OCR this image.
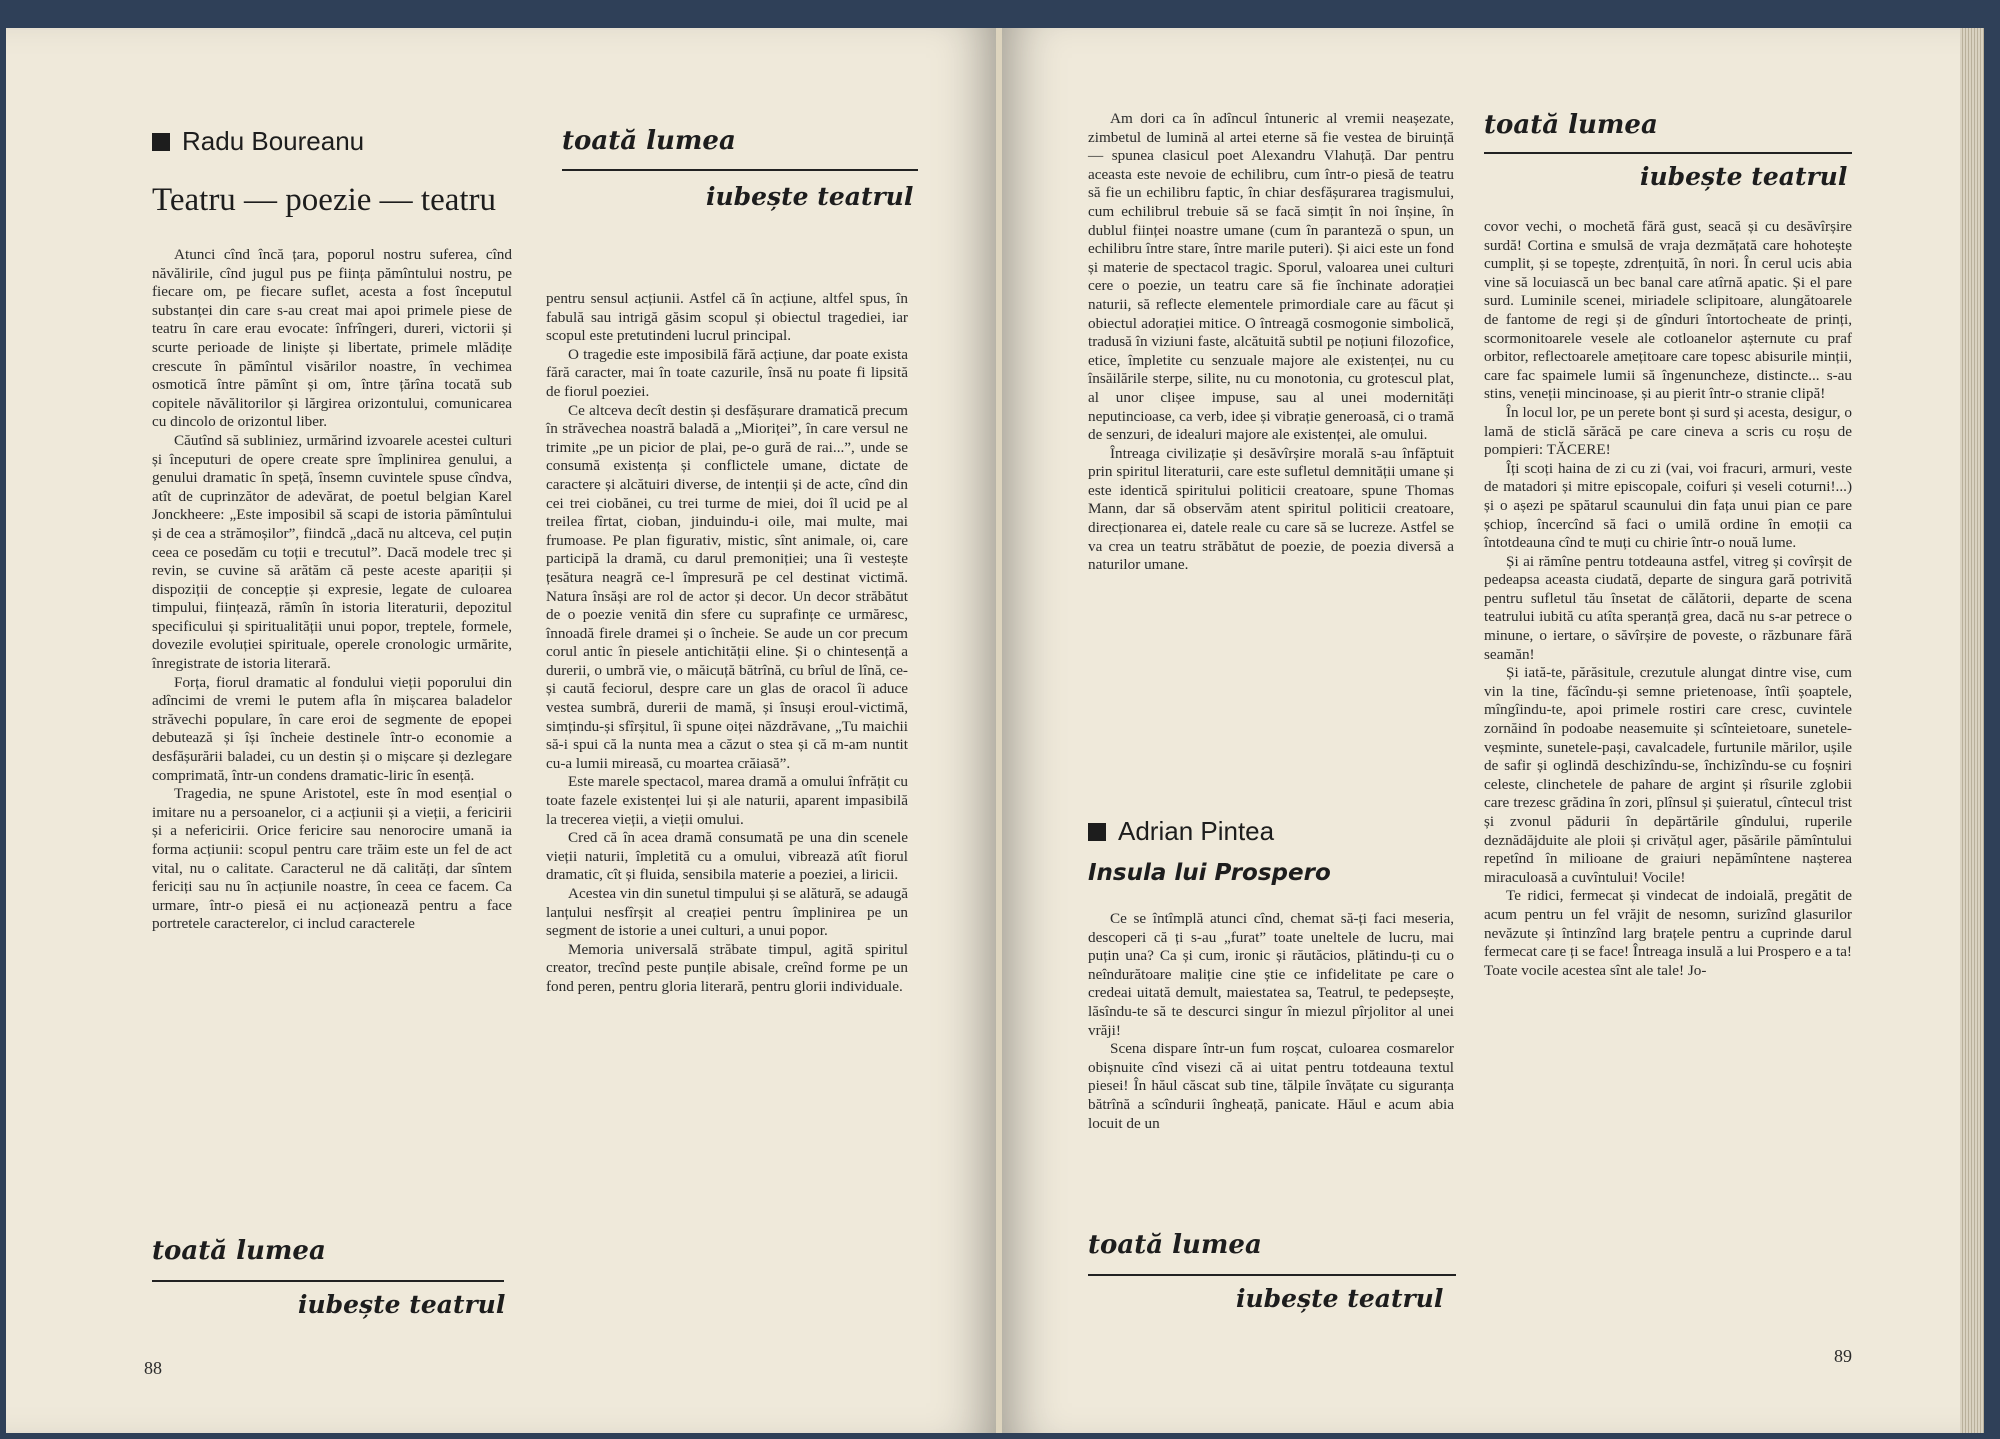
Radu Boureanu	toată lumea
Teatru — poezie — teatru	iubește teatrul

Atunci cînd încă țara, poporul nostru suferea, cînd năvălirile, cînd jugul pus pe ființa pămîntului nostru, pe fiecare om, pe fiecare suflet, acesta a fost începutul substanței din care s-au creat mai apoi primele piese de teatru în care erau evocate: înfrîngeri, dureri, victorii și scurte perioade de liniște și libertate, primele mlădițe crescute în pămîntul visărilor noastre, în vechimea osmotică între pămînt și om, între țărîna tocată sub copitele năvălitorilor și lărgirea orizontului, comunicarea cu dincolo de orizontul liber.

Căutînd să subliniez, urmărind izvoarele acestei culturi și începuturi de opere create spre împlinirea genului, a genului dramatic în speță, însemn cuvintele spuse cîndva, atît de cuprinzător de adevărat, de poetul belgian Karel Jonckheere: „Este imposibil să scapi de istoria pămîntului și de cea a strămoșilor”, fiindcă „dacă nu altceva, cel puțin ceea ce posedăm cu toții e trecutul”. Dacă modele trec și revin, se cuvine să arătăm că peste aceste apariții și dispoziții de concepție și expresie, legate de culoarea timpului, ființează, rămîn în istoria literaturii, depozitul specificului și spiritualității unui popor, treptele, formele, dovezile evoluției spirituale, operele cronologic urmărite, înregistrate de istoria literară.

Forța, fiorul dramatic al fondului vieții poporului din adîncimi de vremi le putem afla în mișcarea baladelor străvechi populare, în care eroi de segmente de epopei debutează și își încheie destinele într-o economie a desfășurării baladei, cu un destin și o mișcare și dezlegare comprimată, într-un condens dramatic-liric în esență.

Tragedia, ne spune Aristotel, este în mod esențial o imitare nu a persoanelor, ci a acțiunii și a vieții, a fericirii și a nefericirii. Orice fericire sau nenorocire umană ia forma acțiunii: scopul pentru care trăim este un fel de act vital, nu o calitate. Caracterul ne dă calități, dar sîntem fericiți sau nu în acțiunile noastre, în ceea ce facem. Ca urmare, într-o piesă ei nu acționează pentru a face portretele caracterelor, ci includ caracterele

pentru sensul acțiunii. Astfel că în acțiune, altfel spus, în fabulă sau intrigă găsim scopul și obiectul tragediei, iar scopul este pretutindeni lucrul principal.

O tragedie este imposibilă fără acțiune, dar poate exista fără caracter, mai în toate cazurile, însă nu poate fi lipsită de fiorul poeziei.

Ce altceva decît destin și desfășurare dramatică precum în străvechea noastră baladă a „Mioriței”, în care versul ne trimite „pe un picior de plai, pe-o gură de rai...”, unde se consumă existența și conflictele umane, dictate de caractere și alcătuiri diverse, de intenții și de acte, cînd din cei trei ciobănei, cu trei turme de miei, doi îl ucid pe al treilea fîrtat, cioban, jinduindu-i oile, mai multe, mai frumoase. Pe plan figurativ, mistic, sînt animale, oi, care participă la dramă, cu darul premoniției; una îi vestește țesătura neagră ce-l împresură pe cel destinat victimă. Natura însăși are rol de actor și decor. Un decor străbătut de o poezie venită din sfere cu suprafințe ce urmăresc, înnoadă firele dramei și o încheie. Se aude un cor precum corul antic în piesele antichității eline. Și o chintesență a durerii, o umbră vie, o măicuță bătrînă, cu brîul de lînă, ce-și caută feciorul, despre care un glas de oracol îi aduce vestea sumbră, durerii de mamă, și însuși eroul-victimă, simțindu-și sfîrșitul, îi spune oiței năzdrăvane, „Tu maichii să-i spui că la nunta mea a căzut o stea și că m-am nuntit cu-a lumii mireasă, cu moartea crăiasă”.

Este marele spectacol, marea dramă a omului înfrățit cu toate fazele existenței lui și ale naturii, aparent impasibilă la trecerea vieții, a vieții omului.

Cred că în acea dramă consumată pe una din scenele vieții naturii, împletită cu a omului, vibrează atît fiorul dramatic, cît și fluida, sensibila materie a poeziei, a liricii.

Acestea vin din sunetul timpului și se alătură, se adaugă lanțului nesfîrșit al creației pentru împlinirea pe un segment de istorie a unei culturi, a unui popor.

Memoria universală străbate timpul, agită spiritul creator, trecînd peste punțile abisale, creînd forme pe un fond peren, pentru gloria literară, pentru glorii individuale.

toată lumea
iubește teatrul
88

Am dori ca în adîncul întuneric al vremii neașezate, zimbetul de lumină al artei eterne să fie vestea de biruință — spunea clasicul poet Alexandru Vlahuță. Dar pentru aceasta este nevoie de echilibru, cum într-o piesă de teatru să fie un echilibru faptic, în chiar desfășurarea tragismului, cum echilibrul trebuie să se facă simțit în noi înșine, în dublul ființei noastre umane (cum în paranteză o spun, un echilibru între stare, între marile puteri). Și aici este un fond și materie de spectacol tragic. Sporul, valoarea unei culturi cere o poezie, un teatru care să fie închinate adorației naturii, să reflecte elementele primordiale care au făcut și obiectul adorației mitice. O întreagă cosmogonie simbolică, tradusă în viziuni faste, alcătuită subtil pe noțiuni filozofice, etice, împletite cu senzuale majore ale existenței, nu cu însăilările sterpe, silite, nu cu monotonia, cu grotescul plat, al unor clișee impuse, sau al unei modernități neputincioase, ca verb, idee și vibrație generoasă, ci o tramă de senzuri, de idealuri majore ale existenței, ale omului.

Întreaga civilizație și desăvîrșire morală s-au înfăptuit prin spiritul literaturii, care este sufletul demnității umane și este identică spiritului politicii creatoare, spune Thomas Mann, dar să observăm atent spiritul politicii creatoare, direcționarea ei, datele reale cu care să se lucreze. Astfel se va crea un teatru străbătut de poezie, de poezia diversă a naturilor umane.

toată lumea
iubește teatrul

covor vechi, o mochetă fără gust, seacă și cu desăvîrșire surdă! Cortina e smulsă de vraja dezmățată care hohotește cumplit, și se topește, zdrențuită, în nori. În cerul ucis abia vine să locuiască un bec banal care atîrnă apatic. Și el pare surd. Luminile scenei, miriadele sclipitoare, alungătoarele de fantome de regi și de gînduri întortocheate de prinți, scormonitoarele vesele ale cotloanelor așternute cu praf orbitor, reflectoarele amețitoare care topesc abisurile minții, care fac spaimele lumii să îngenuncheze, distincte... s-au stins, veneții mincinoase, și au pierit într-o stranie clipă!

În locul lor, pe un perete bont și surd și acesta, desigur, o lamă de sticlă sărăcă pe care cineva a scris cu roșu de pompieri: TĂCERE!

Îți scoți haina de zi cu zi (vai, voi fracuri, armuri, veste de matadori și mitre episcopale, coifuri și veseli coturni!...) și o așezi pe spătarul scaunului din fața unui pian ce pare șchiop, încercînd să faci o umilă ordine în emoții ca întotdeauna cînd te muți cu chirie într-o nouă lume.

Și ai rămîne pentru totdeauna astfel, vitreg și covîrșit de pedeapsa aceasta ciudată, departe de singura gară potrivită pentru sufletul tău însetat de călătorii, departe de scena teatrului iubită cu atîta speranță grea, dacă nu s-ar petrece o minune, o iertare, o săvîrșire de poveste, o răzbunare fără seamăn!

Și iată-te, părăsitule, crezutule alungat dintre vise, cum vin la tine, făcîndu-și semne prietenoase, întîi șoaptele, mîngîindu-te, apoi primele rostiri care cresc, cuvintele zornăind în podoabe neasemuite și scînteietoare, sunetele-veșminte, sunetele-pași, cavalcadele, furtunile mărilor, ușile de safir și oglindă deschizîndu-se, închizîndu-se cu foșniri celeste, clinchetele de pahare de argint și rîsurile zglobii care trezesc grădina în zori, plînsul și șuieratul, cîntecul trist și zvonul pădurii în depărtările gîndului, ruperile deznădăjduite ale ploii și crivățul ager, păsările pămîntului repetînd în milioane de graiuri nepămîntene nașterea miraculoasă a cuvîntului! Vocile!

Te ridici, fermecat și vindecat de indoială, pregătit de acum pentru un fel vrăjit de nesomn, surizînd glasurilor nevăzute și întinzînd larg brațele pentru a cuprinde darul fermecat care ți se face! Întreaga insulă a lui Prospero e a ta! Toate vocile acestea sînt ale tale! Jo-

Adrian Pintea
Insula lui Prospero

Ce se întîmplă atunci cînd, chemat să-ți faci meseria, descoperi că ți s-au „furat” toate uneltele de lucru, mai puțin una? Ca și cum, ironic și răutăcios, plătindu-ți cu o neîndurătoare maliție cine știe ce infidelitate pe care o credeai uitată demult, maiestatea sa, Teatrul, te pedepsește, lăsîndu-te să te descurci singur în miezul pîrjolitor al unei vrăji!

Scena dispare într-un fum roșcat, culoarea cosmarelor obișnuite cînd visezi că ai uitat pentru totdeauna textul piesei! În hăul căscat sub tine, tălpile învățate cu siguranța bătrînă a scîndurii îngheață, panicate. Hăul e acum abia locuit de un

toată lumea
iubește teatrul
89
